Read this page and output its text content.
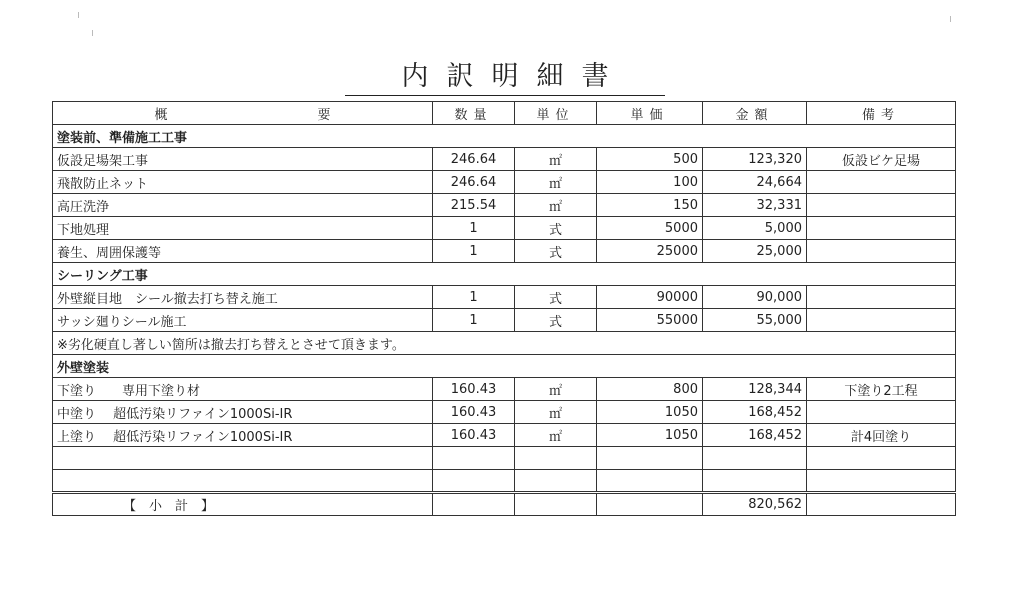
内訳明細書
概 要	数量	単位	単価	金額	備考
塗装前、準備施工工事					
仮設足場架工事	246.64	㎡	500	123,320	仮設ビケ足場
飛散防止ネット	246.64	㎡	100	24,664	
高圧洗浄	215.54	㎡	150	32,331	
下地処理	1	式	5000	5,000	
養生、周囲保護等	1	式	25000	25,000	
シーリング工事					
外壁縦目地　シール撤去打ち替え施工	1	式	90000	90,000	
サッシ廻りシール施工	1	式	55000	55,000	
※劣化硬直し著しい箇所は撤去打ち替えとさせて頂きます。					
外壁塗装					
下塗り　　専用下塗り材	160.43	㎡	800	128,344	下塗り2工程
中塗り　 超低汚染リファイン1000Si-IR	160.43	㎡	1050	168,452	
上塗り　 超低汚染リファイン1000Si-IR	160.43	㎡	1050	168,452	計4回塗り

【　小　計　】				820,562	
